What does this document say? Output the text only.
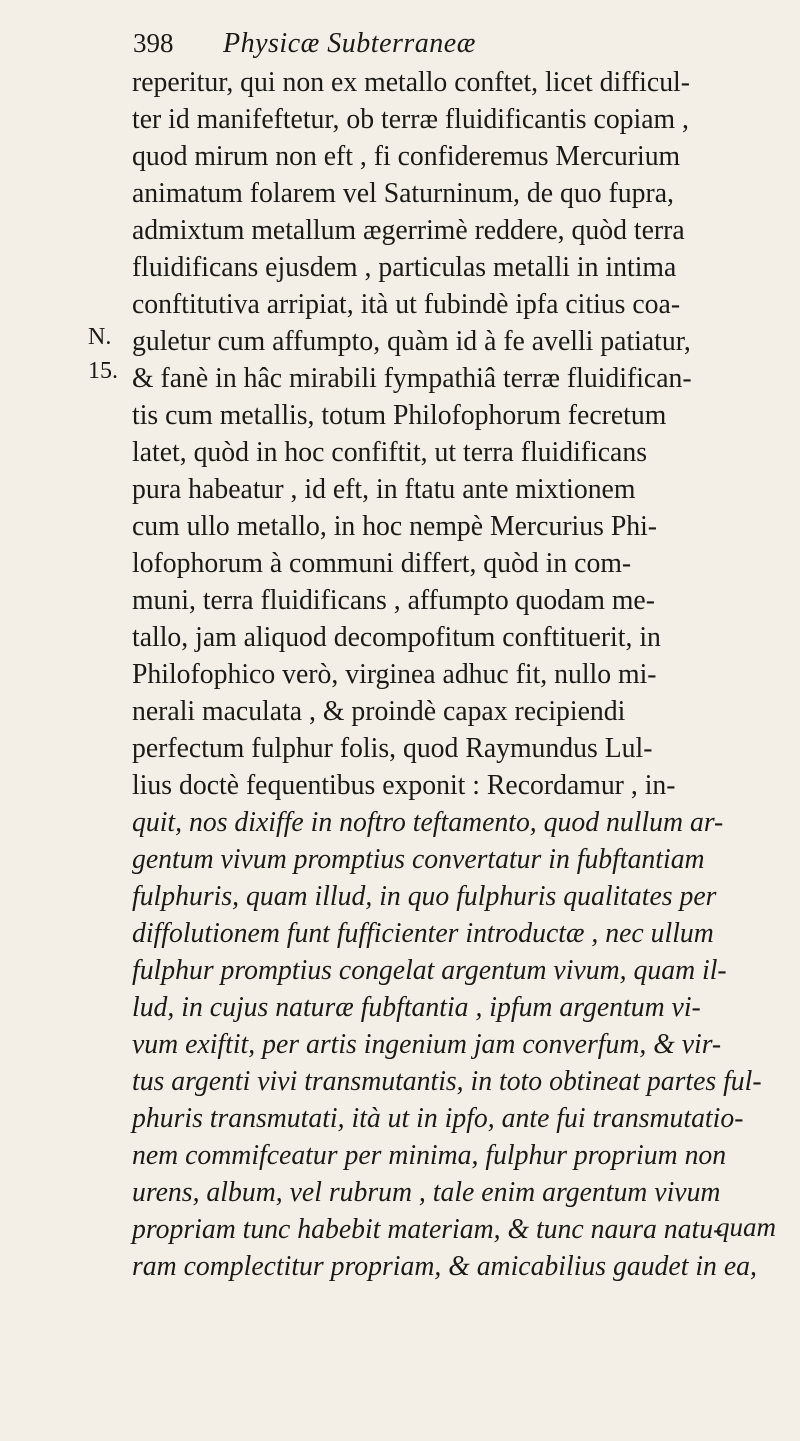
398 Physicæ Subterraneæ
N.
15.
reperitur, qui non ex metallo conftet, licet difficul-
ter id manifeftetur, ob terræ fluidificantis copiam ,
quod mirum non eft , fi confideremus Mercurium
animatum folarem vel Saturninum, de quo fupra,
admixtum metallum ægerrimè reddere, quòd terra
fluidificans ejusdem , particulas metalli in intima
conftitutiva arripiat, ità ut fubindè ipfa citius coa-
guletur cum affumpto, quàm id à fe avelli patiatur,
& fanè in hâc mirabili fympathiâ terræ fluidifican-
tis cum metallis, totum Philofophorum fecretum
latet, quòd in hoc confiftit, ut terra fluidificans
pura habeatur , id eft, in ftatu ante mixtionem
cum ullo metallo, in hoc nempè Mercurius Phi-
lofophorum à communi differt, quòd in com-
muni, terra fluidificans , affumpto quodam me-
tallo, jam aliquod decompofitum conftituerit, in
Philofophico verò, virginea adhuc fit, nullo mi-
nerali maculata , & proindè capax recipiendi
perfectum fulphur folis, quod Raymundus Lul-
lius doctè fequentibus exponit : Recordamur , in-
quit, nos dixiffe in noftro teftamento, quod nullum ar-
gentum vivum promptius convertatur in fubftantiam
fulphuris, quam illud, in quo fulphuris qualitates per
diffolutionem funt fufficienter introductæ , nec ullum
fulphur promptius congelat argentum vivum, quam il-
lud, in cujus naturæ fubftantia , ipfum argentum vi-
vum exiftit, per artis ingenium jam converfum, & vir-
tus argenti vivi transmutantis, in toto obtineat partes ful-
phuris transmutati, ità ut in ipfo, ante fui transmutatio-
nem commifceatur per minima, fulphur proprium non
urens, album, vel rubrum , tale enim argentum vivum
propriam tunc habebit materiam, & tunc naura natu-
ram complectitur propriam, & amicabilius gaudet in ea,
quam
